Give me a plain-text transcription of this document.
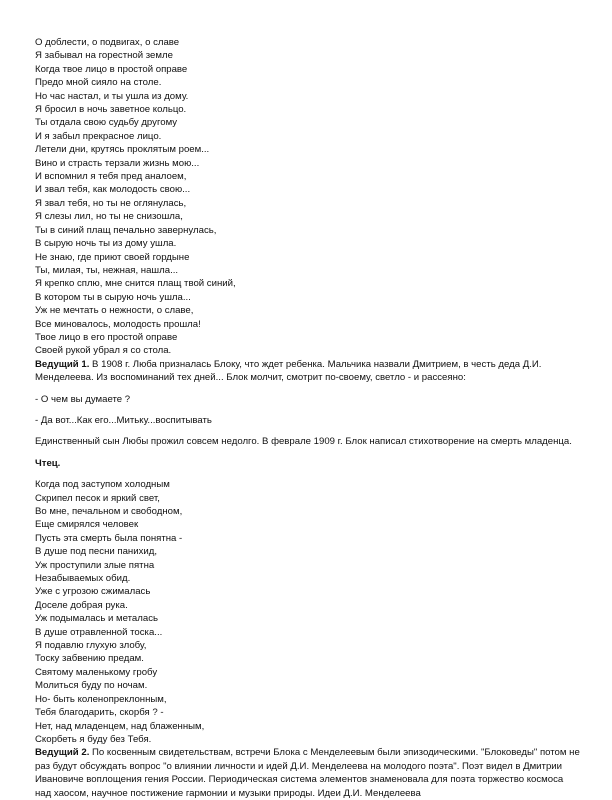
О доблести, о подвигах, о славе

Я забывал на горестной земле

Когда твое лицо в простой оправе

Предо мной сияло на столе.

Но час настал, и ты ушла из дому.

Я бросил в ночь заветное кольцо.

Ты отдала свою судьбу другому

И я забыл прекрасное лицо.

Летели дни, крутясь проклятым роем...

Вино и страсть терзали жизнь мою...

И вспомнил я тебя пред аналоем,

И звал тебя, как молодость свою...

Я звал тебя, но ты не оглянулась,

Я слезы лил, но ты не снизошла,

Ты в синий плащ печально завернулась,

В сырую ночь ты из дому ушла.

Не знаю, где приют своей гордыне

Ты, милая, ты, нежная, нашла...

Я крепко сплю, мне снится плащ твой синий,

В котором ты в сырую ночь ушла...

Уж не мечтать о нежности, о славе,

Все миновалось, молодость прошла!

Твое лицо в его простой оправе

Своей рукой убрал я со стола.

Ведущий 1. В 1908 г. Люба призналась Блоку, что ждет ребенка. Мальчика назвали Дмитрием, в честь деда Д.И. Менделеева. Из воспоминаний тех дней... Блок молчит, смотрит по-своему, светло - и рассеяно:

- О чем вы думаете ?

- Да вот...Как его...Митьку...воспитывать

Единственный сын Любы прожил совсем недолго. В феврале 1909 г. Блок написал стихотворение на смерть младенца.

Чтец.

Когда под заступом холодным

Скрипел песок и яркий свет,

Во мне, печальном и свободном,

Еще смирялся человек

Пусть эта смерть была понятна -

В душе под песни панихид,

Уж проступили злые пятна

Незабываемых обид.

Уже с угрозою сжималась

Доселе добрая рука.

Уж подымалась и металась

В душе отравленной тоска...

Я подавлю глухую злобу,

Тоску забвению предам.

Святому маленькому гробу

Молиться буду по ночам.

Но- быть коленопреклонным,

Тебя благодарить, скорбя ? -

Нет, над младенцем, над блаженным,

Скорбеть я буду без Тебя.

Ведущий 2. По косвенным свидетельствам, встречи Блока с Менделеевым были эпизодическими. "Блоковеды" потом не раз будут обсуждать вопрос "о влиянии личности и идей Д.И. Менделеева на молодого поэта". Поэт видел в Дмитрии Ивановиче воплощения гения России. Периодическая система элементов знаменовала для поэта торжество космоса над хаосом, научное постижение гармонии и музыки природы. Идеи Д.И. Менделеева
